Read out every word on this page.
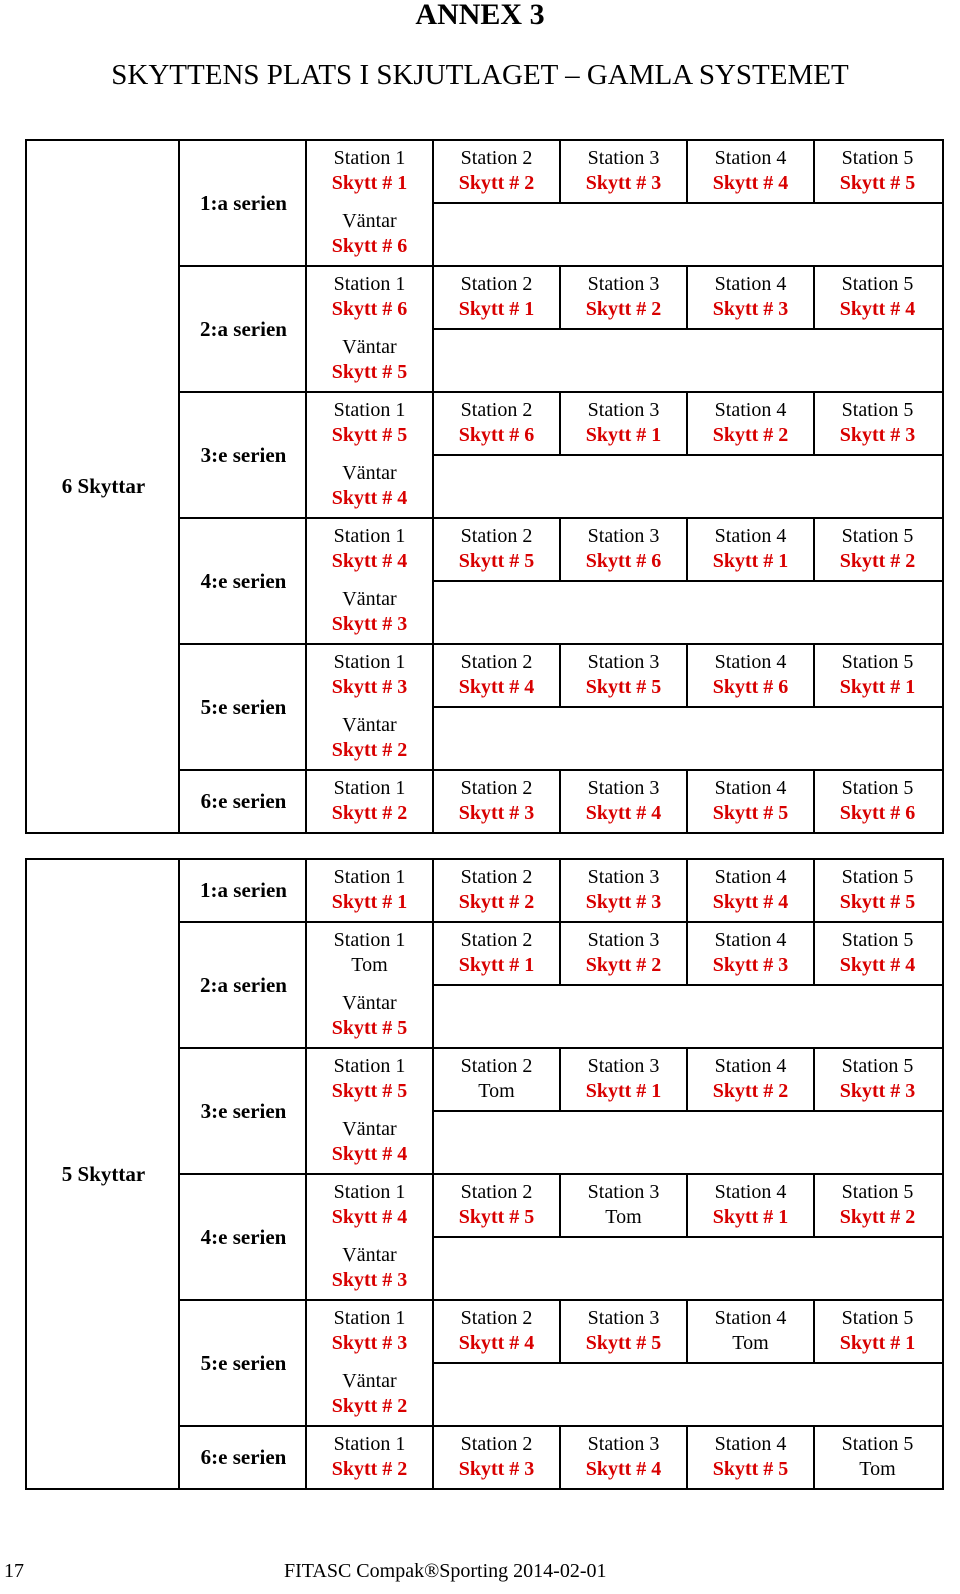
ANNEX 3
SKYTTENS PLATS I SKJUTLAGET – GAMLA SYSTEMET
6 Skyttar
1:a serien
Station 1
Skytt # 1
Station 2
Skytt # 2
Station 3
Skytt # 3
Station 4
Skytt # 4
Station 5
Skytt # 5
Väntar
Skytt # 6
2:a serien
Station 1
Skytt # 6
Station 2
Skytt # 1
Station 3
Skytt # 2
Station 4
Skytt # 3
Station 5
Skytt # 4
Väntar
Skytt # 5
3:e serien
Station 1
Skytt # 5
Station 2
Skytt # 6
Station 3
Skytt # 1
Station 4
Skytt # 2
Station 5
Skytt # 3
Väntar
Skytt # 4
4:e serien
Station 1
Skytt # 4
Station 2
Skytt # 5
Station 3
Skytt # 6
Station 4
Skytt # 1
Station 5
Skytt # 2
Väntar
Skytt # 3
5:e serien
Station 1
Skytt # 3
Station 2
Skytt # 4
Station 3
Skytt # 5
Station 4
Skytt # 6
Station 5
Skytt # 1
Väntar
Skytt # 2
6:e serien
Station 1
Skytt # 2
Station 2
Skytt # 3
Station 3
Skytt # 4
Station 4
Skytt # 5
Station 5
Skytt # 6
5 Skyttar
1:a serien
Station 1
Skytt # 1
Station 2
Skytt # 2
Station 3
Skytt # 3
Station 4
Skytt # 4
Station 5
Skytt # 5
2:a serien
Station 1
Tom
Station 2
Skytt # 1
Station 3
Skytt # 2
Station 4
Skytt # 3
Station 5
Skytt # 4
Väntar
Skytt # 5
3:e serien
Station 1
Skytt # 5
Station 2
Tom
Station 3
Skytt # 1
Station 4
Skytt # 2
Station 5
Skytt # 3
Väntar
Skytt # 4
4:e serien
Station 1
Skytt # 4
Station 2
Skytt # 5
Station 3
Tom
Station 4
Skytt # 1
Station 5
Skytt # 2
Väntar
Skytt # 3
5:e serien
Station 1
Skytt # 3
Station 2
Skytt # 4
Station 3
Skytt # 5
Station 4
Tom
Station 5
Skytt # 1
Väntar
Skytt # 2
6:e serien
Station 1
Skytt # 2
Station 2
Skytt # 3
Station 3
Skytt # 4
Station 4
Skytt # 5
Station 5
Tom
17	FITASC Compak®Sporting 2014-02-01
